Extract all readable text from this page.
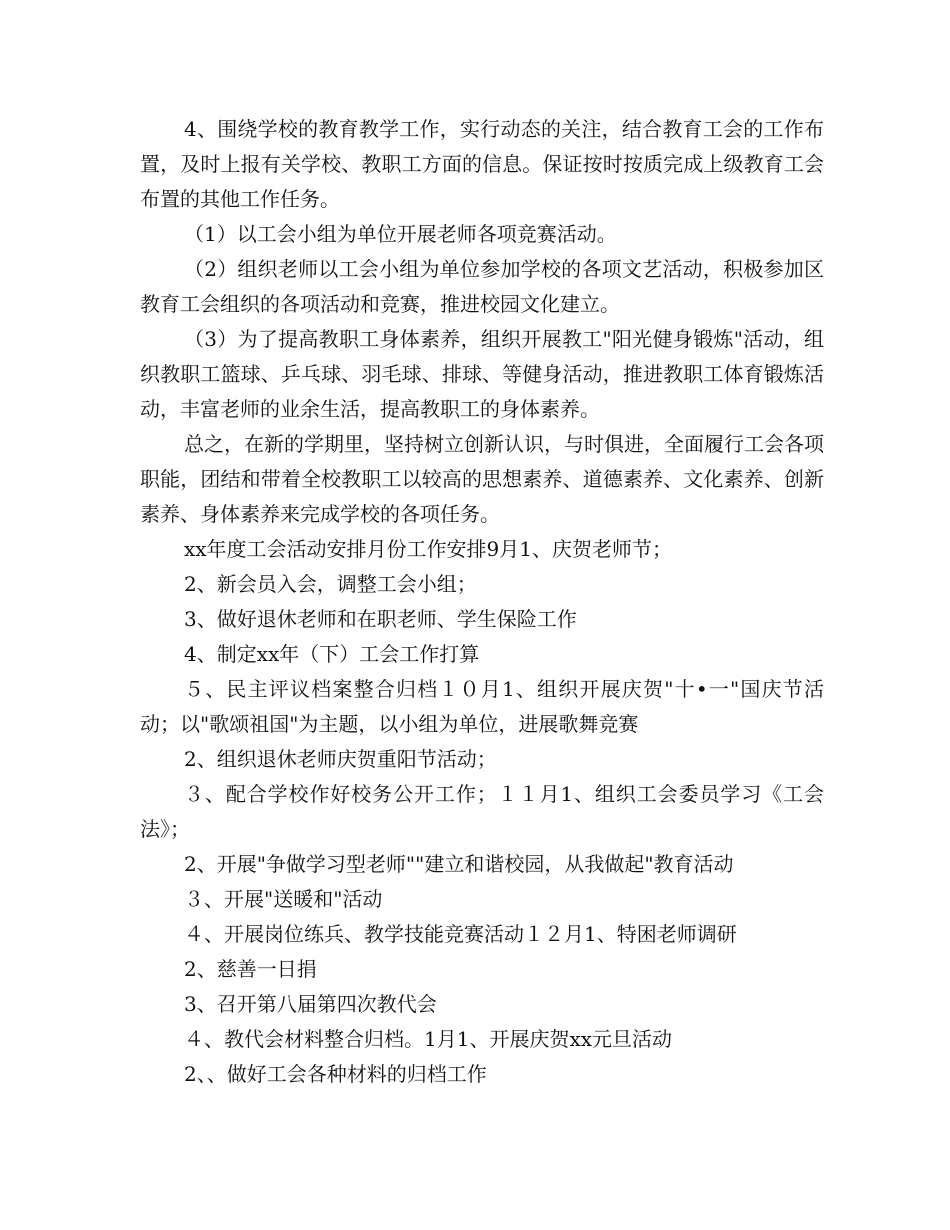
4、围绕学校的教育教学工作，实行动态的关注，结合教育工会的工作布置，及时上报有关学校、教职工方面的信息。保证按时按质完成上级教育工会布置的其他工作任务。

（1）以工会小组为单位开展老师各项竞赛活动。

（2）组织老师以工会小组为单位参加学校的各项文艺活动，积极参加区教育工会组织的各项活动和竞赛，推进校园文化建立。

（3）为了提高教职工身体素养，组织开展教工"阳光健身锻炼"活动，组织教职工篮球、乒乓球、羽毛球、排球、等健身活动，推进教职工体育锻炼活动，丰富老师的业余生活，提高教职工的身体素养。

总之，在新的学期里，坚持树立创新认识，与时俱进，全面履行工会各项职能，团结和带着全校教职工以较高的思想素养、道德素养、文化素养、创新素养、身体素养来完成学校的各项任务。

xx年度工会活动安排月份工作安排9月1、庆贺老师节；

2、新会员入会，调整工会小组；

3、做好退休老师和在职老师、学生保险工作

4、制定xx年（下）工会工作打算

５、民主评议档案整合归档１０月1、组织开展庆贺"十•一"国庆节活动；以"歌颂祖国"为主题，以小组为单位，进展歌舞竞赛

2、组织退休老师庆贺重阳节活动；

３、配合学校作好校务公开工作；１１月1、组织工会委员学习《工会法》；

2、开展"争做学习型老师""建立和谐校园，从我做起"教育活动

３、开展"送暖和"活动

４、开展岗位练兵、教学技能竞赛活动１２月1、特困老师调研

2、慈善一日捐

3、召开第八届第四次教代会

４、教代会材料整合归档。1月1、开展庆贺xx元旦活动

2、、做好工会各种材料的归档工作
